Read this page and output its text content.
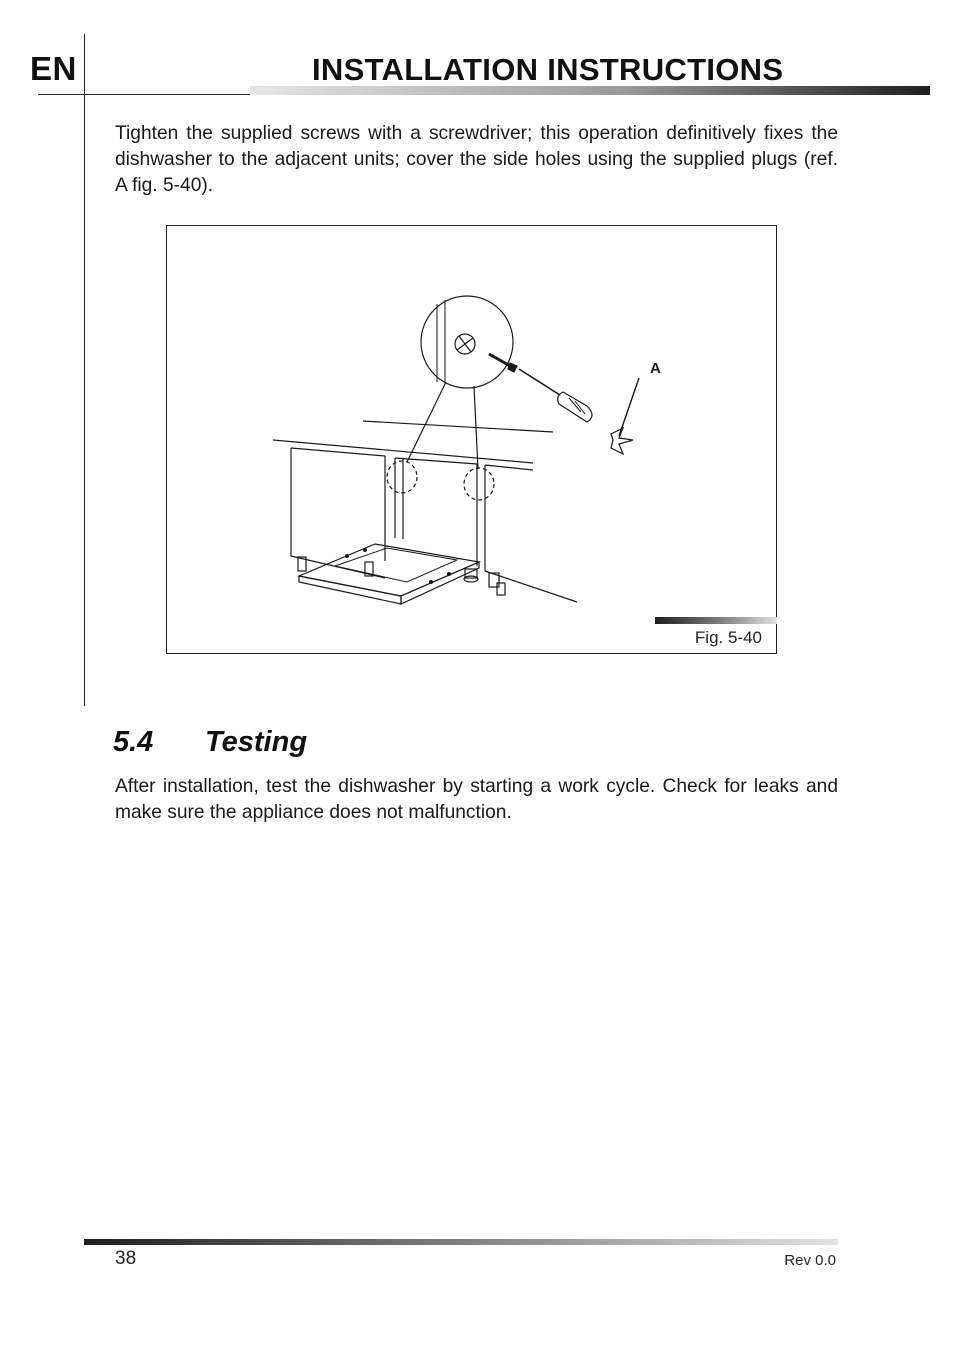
EN	INSTALLATION INSTRUCTIONS

Tighten the supplied screws with a screwdriver; this operation definitively fixes the dishwasher to the adjacent units; cover the side holes using the supplied plugs (ref. A fig. 5-40).

A
Fig. 5-40
5.4 Testing

After installation, test the dishwasher by starting a work cycle. Check for leaks and make sure the appliance does not malfunction.

38	Rev 0.0
